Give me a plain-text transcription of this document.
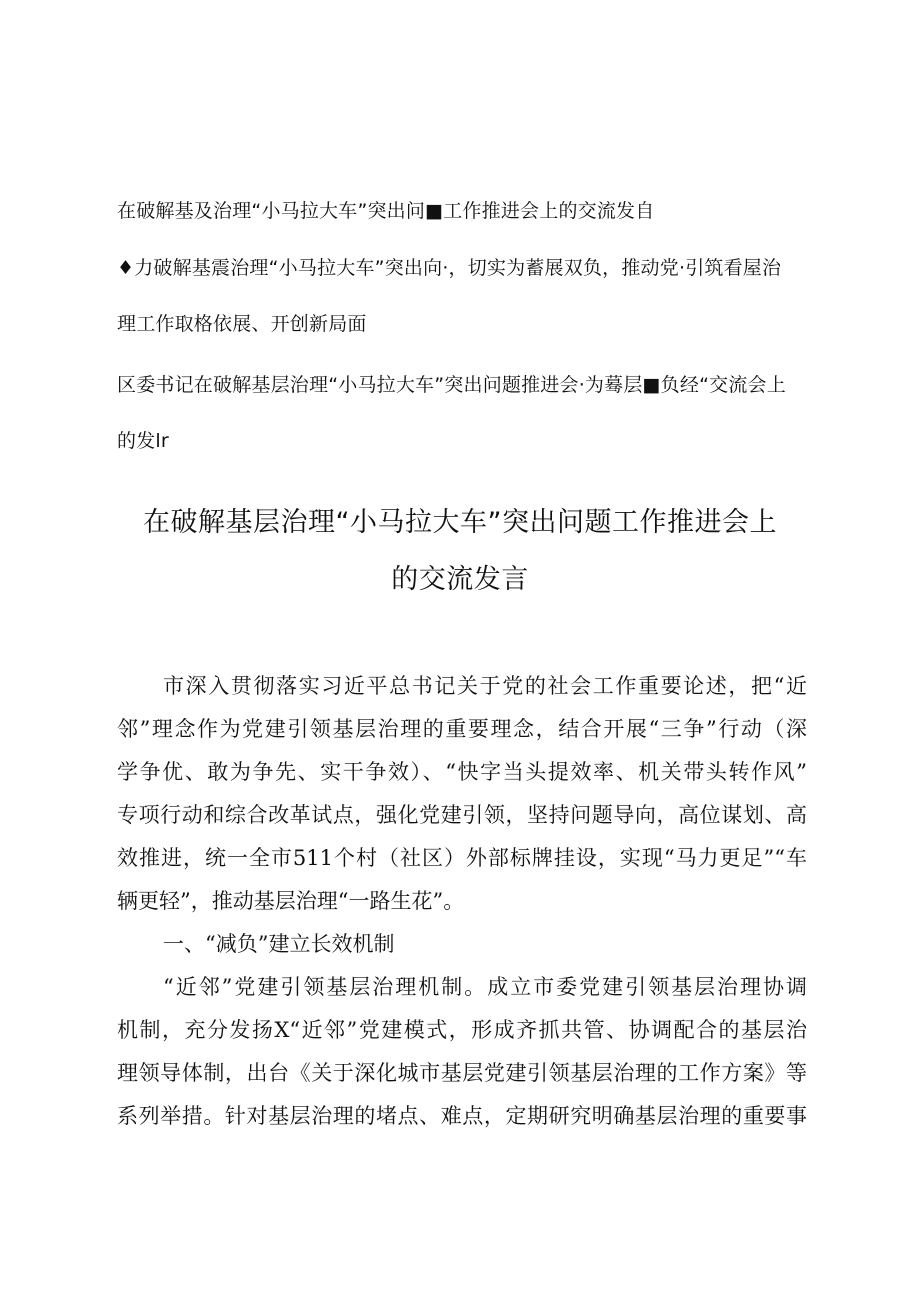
在破解基及治理“小马拉大车”突出问■工作推进会上的交流发自
♦力破解基震治理“小马拉大车”突出向·，切实为蓄展双负，推动党·引筑看屋治
理工作取格依展、开创新局面
区委书记在破解基层治理“小马拉大车”突出问题推进会·为蓦层■负经“交流会上
的发lr
在破解基层治理“小马拉大车”突出问题工作推进会上
的交流发言
市深入贯彻落实习近平总书记关于党的社会工作重要论述，把“近
邻”理念作为党建引领基层治理的重要理念，结合开展“三争”行动（深
学争优、敢为争先、实干争效）、“快字当头提效率、机关带头转作风”
专项行动和综合改革试点，强化党建引领，坚持问题导向，高位谋划、高
效推进，统一全市511个村（社区）外部标牌挂设，实现“马力更足”“车
辆更轻”，推动基层治理“一路生花”。
一、“减负”建立长效机制
“近邻”党建引领基层治理机制。成立市委党建引领基层治理协调
机制，充分发扬X“近邻”党建模式，形成齐抓共管、协调配合的基层治
理领导体制，出台《关于深化城市基层党建引领基层治理的工作方案》等
系列举措。针对基层治理的堵点、难点，定期研究明确基层治理的重要事
